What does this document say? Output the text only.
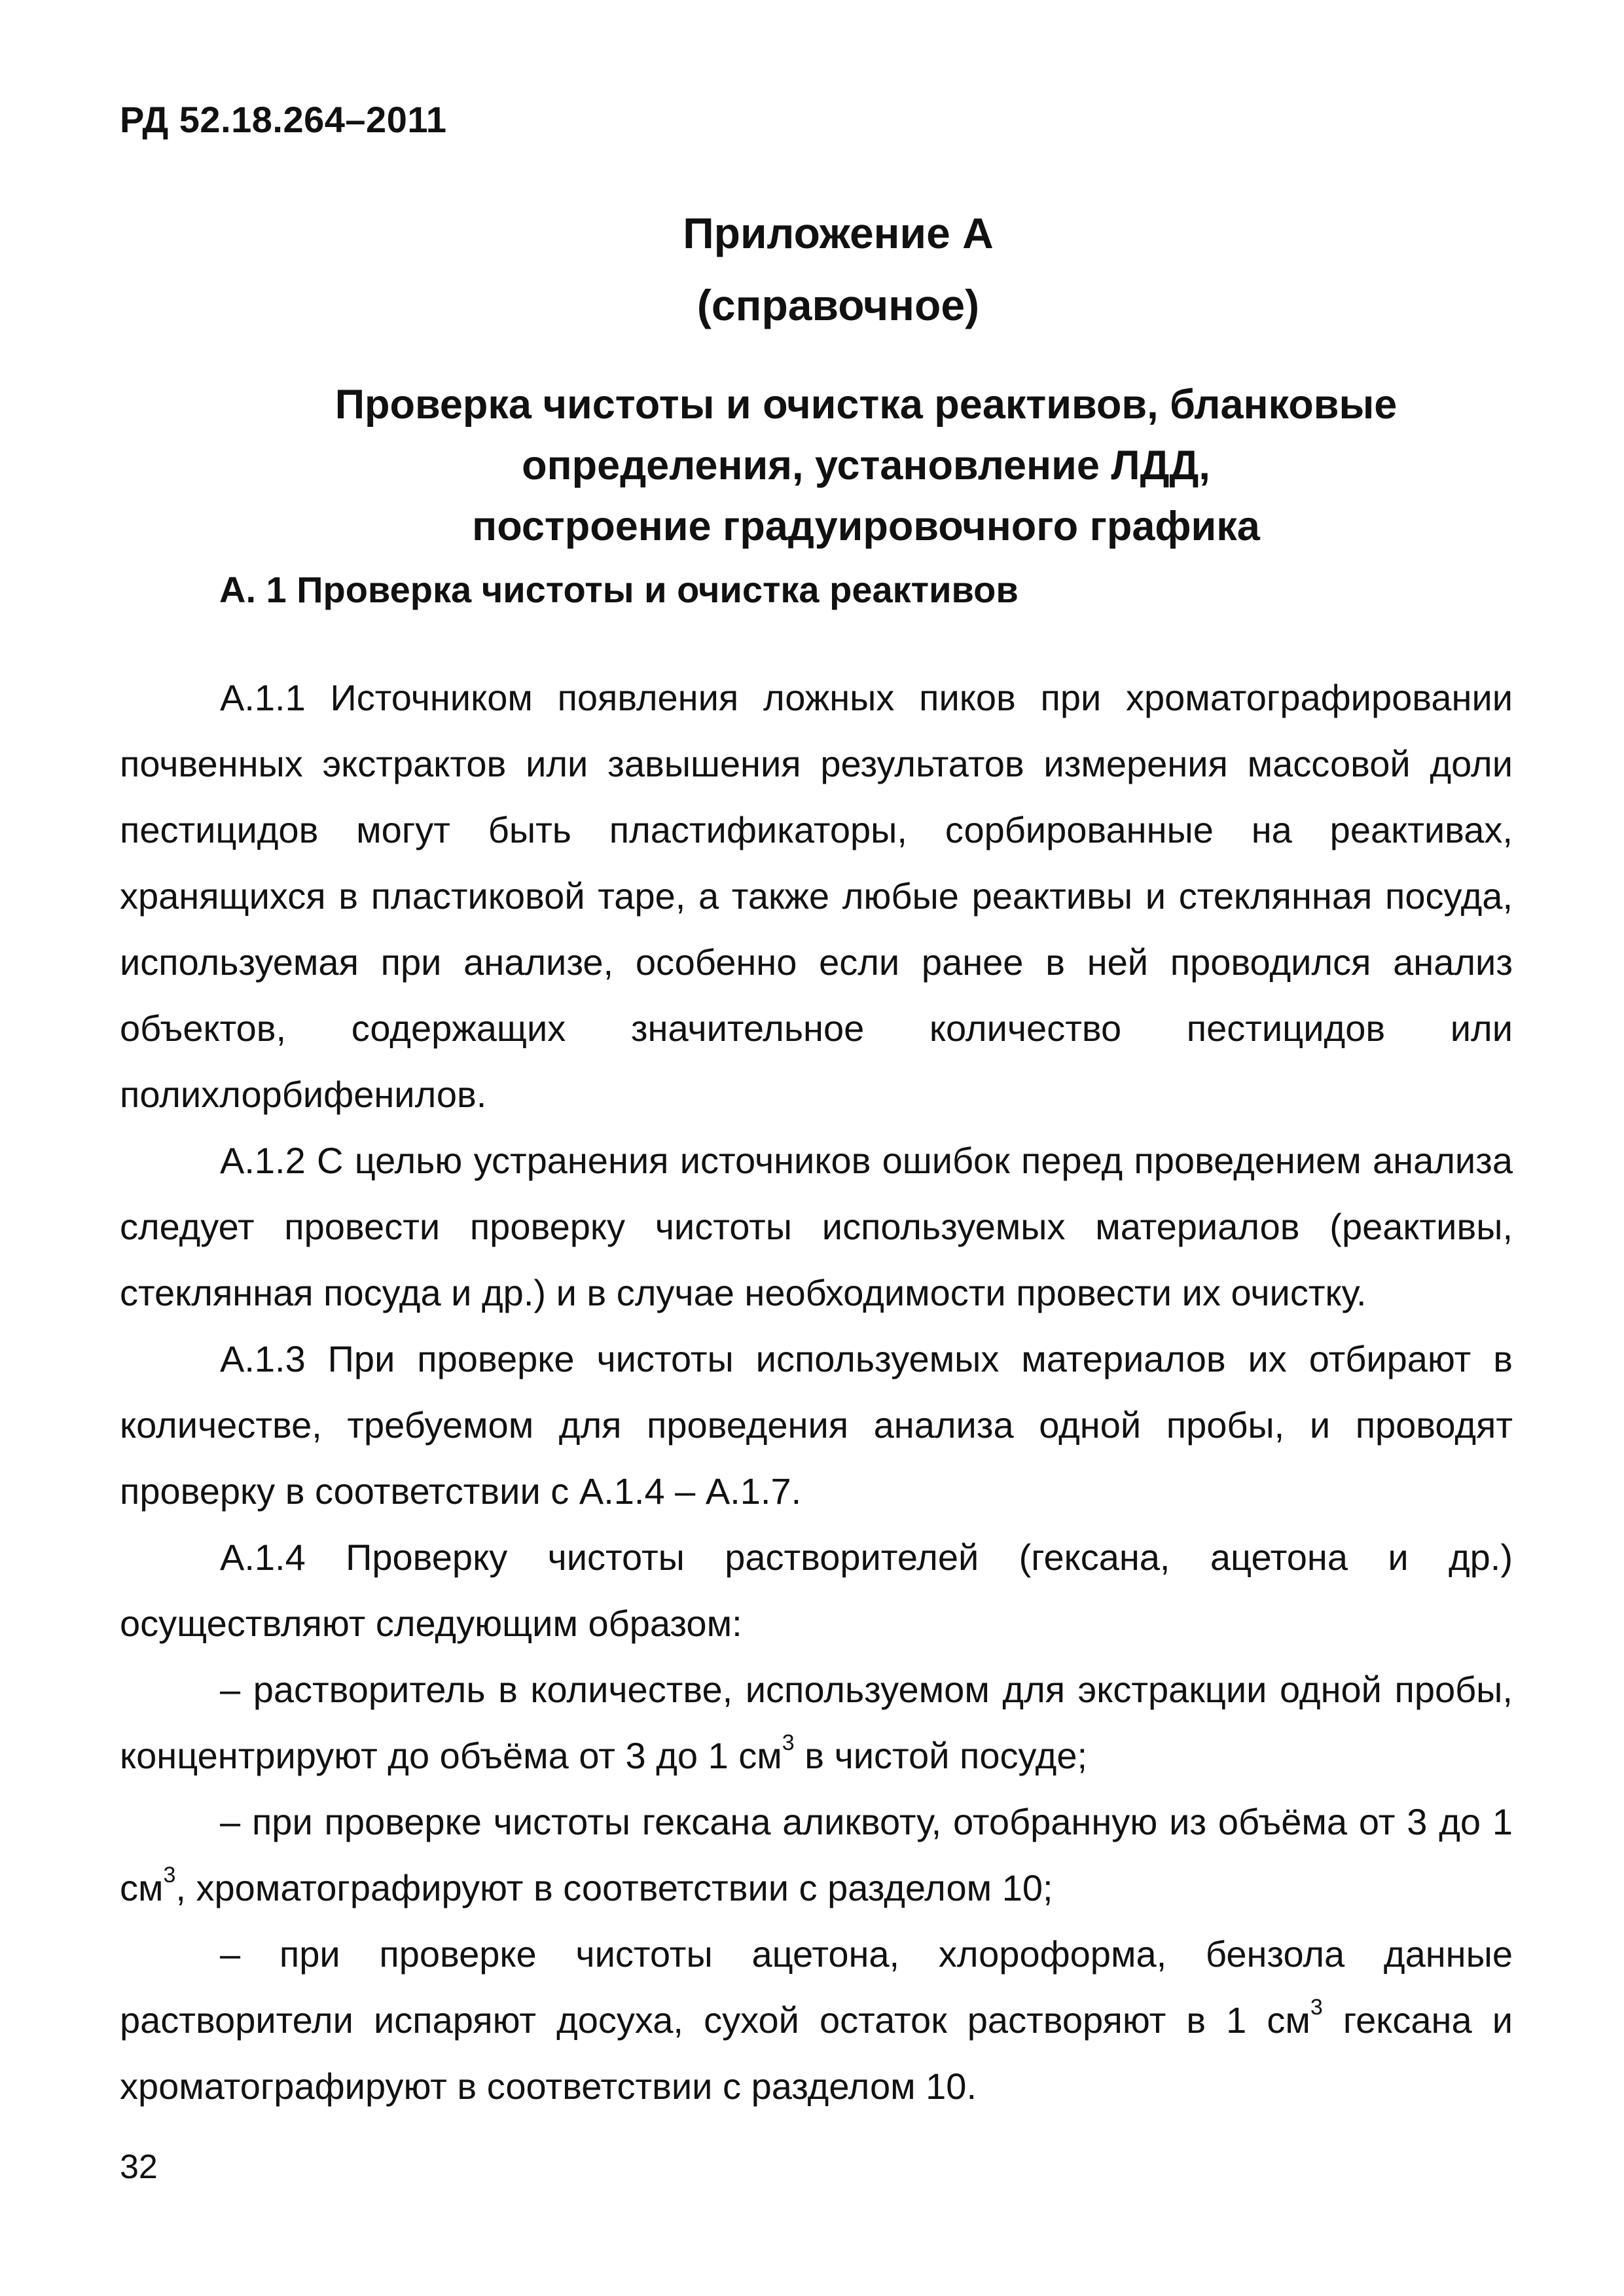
РД 52.18.264–2011
Приложение А
(справочное)
Проверка чистоты и очистка реактивов, бланковые
определения, установление ЛДД,
построение градуировочного графика
А. 1 Проверка чистоты и очистка реактивов

А.1.1 Источником появления ложных пиков при хроматографировании почвенных экстрактов или завышения результатов измерения массовой доли пестицидов могут быть пластификаторы, сорбированные на реактивах, хранящихся в пластиковой таре, а также любые реактивы и стеклянная посуда, используемая при анализе, особенно если ранее в ней проводился анализ объектов, содержащих значительное количество пестицидов или полихлорбифенилов.

А.1.2 С целью устранения источников ошибок перед проведением анализа следует провести проверку чистоты используемых материалов (реактивы, стеклянная посуда и др.) и в случае необходимости провести их очистку.

А.1.3 При проверке чистоты используемых материалов их отбирают в количестве, требуемом для проведения анализа одной пробы, и проводят проверку в соответствии с А.1.4 – А.1.7.

А.1.4 Проверку чистоты растворителей (гексана, ацетона и др.) осуществляют следующим образом:

– растворитель в количестве, используемом для экстракции одной пробы, концентрируют до объёма от 3 до 1 $см^3$ в чистой посуде;

– при проверке чистоты гексана аликвоту, отобранную из объёма от 3 до 1 $см^3$, хроматографируют в соответствии с разделом 10;

– при проверке чистоты ацетона, хлороформа, бензола данные растворители испаряют досуха, сухой остаток растворяют в 1 $см^3$ гексана и хроматографируют в соответствии с разделом 10.

32
